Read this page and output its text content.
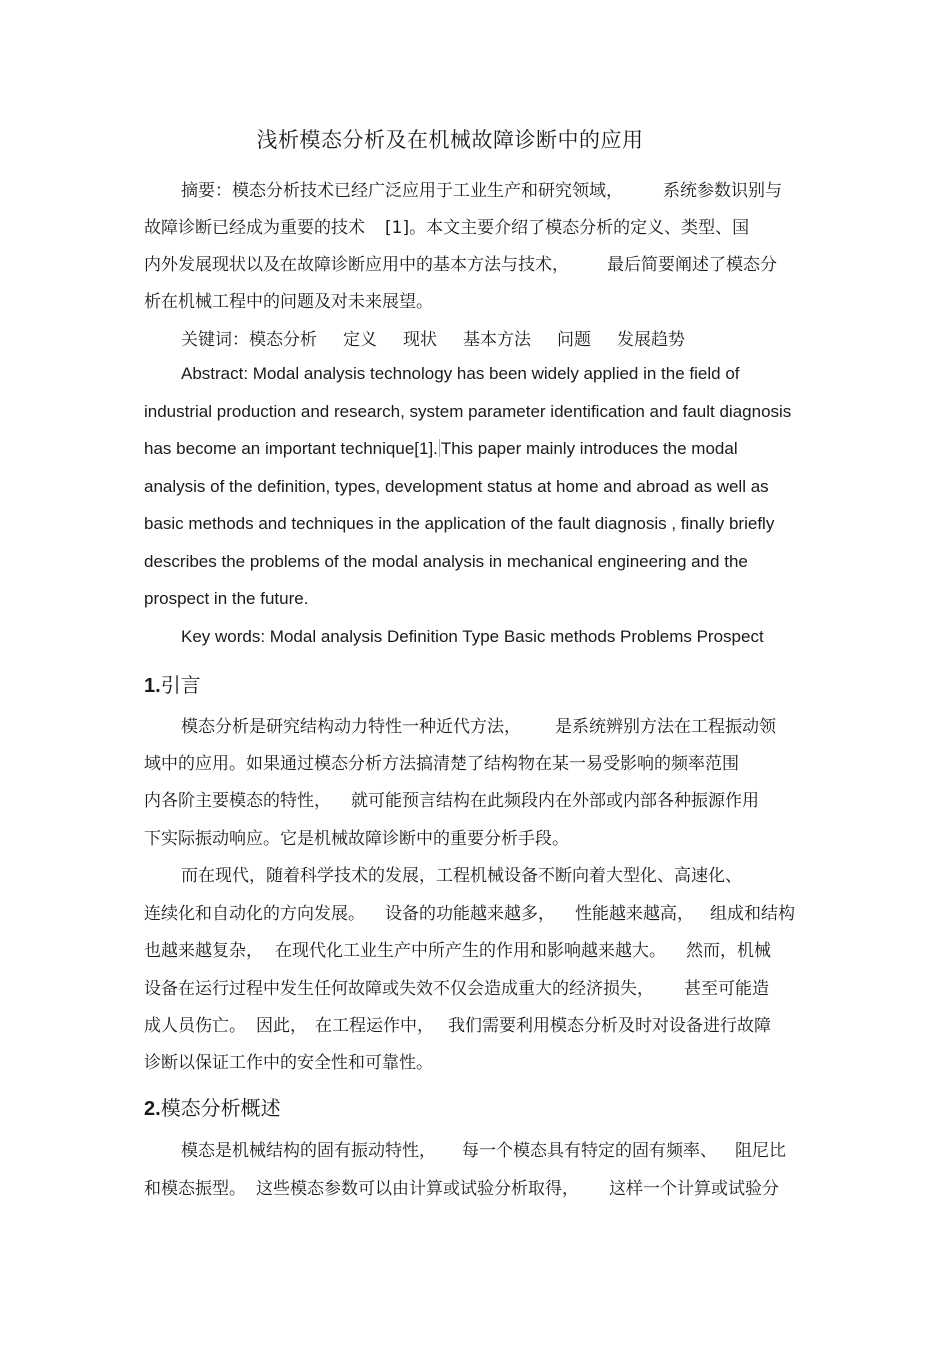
浅析模态分析及在机械故障诊断中的应用
摘要：模态分析技术已经广泛应用于工业生产和研究领域， 系统参数识别与
故障诊断已经成为重要的技术 [1]。本文主要介绍了模态分析的定义、类型、国
内外发展现状以及在故障诊断应用中的基本方法与技术， 最后简要阐述了模态分
析在机械工程中的问题及对未来展望。
关键词：模态分析 定义 现状 基本方法 问题 发展趋势
Abstract: Modal analysis technology has been widely applied in the field of
industrial production and research, system parameter identification and fault diagnosis
has become an important technique[1]. This paper mainly introduces the modal
analysis of the definition, types, development status at home and abroad as well as
basic methods and techniques in the application of the fault diagnosis , finally briefly
describes the problems of the modal analysis in mechanical engineering and the
prospect in the future.
Key words: Modal analysis Definition Type Basic methods Problems Prospect
1.引言
模态分析是研究结构动力特性一种近代方法， 是系统辨别方法在工程振动领
域中的应用。如果通过模态分析方法搞清楚了结构物在某一易受影响的频率范围
内各阶主要模态的特性， 就可能预言结构在此频段内在外部或内部各种振源作用
下实际振动响应。它是机械故障诊断中的重要分析手段。
而在现代，随着科学技术的发展，工程机械设备不断向着大型化、高速化、
连续化和自动化的方向发展。 设备的功能越来越多， 性能越来越高， 组成和结构
也越来越复杂， 在现代化工业生产中所产生的作用和影响越来越大。 然而，机械
设备在运行过程中发生任何故障或失效不仅会造成重大的经济损失， 甚至可能造
成人员伤亡。 因此， 在工程运作中， 我们需要利用模态分析及时对设备进行故障
诊断以保证工作中的安全性和可靠性。
2.模态分析概述
模态是机械结构的固有振动特性， 每一个模态具有特定的固有频率、 阻尼比
和模态振型。 这些模态参数可以由计算或试验分析取得， 这样一个计算或试验分
